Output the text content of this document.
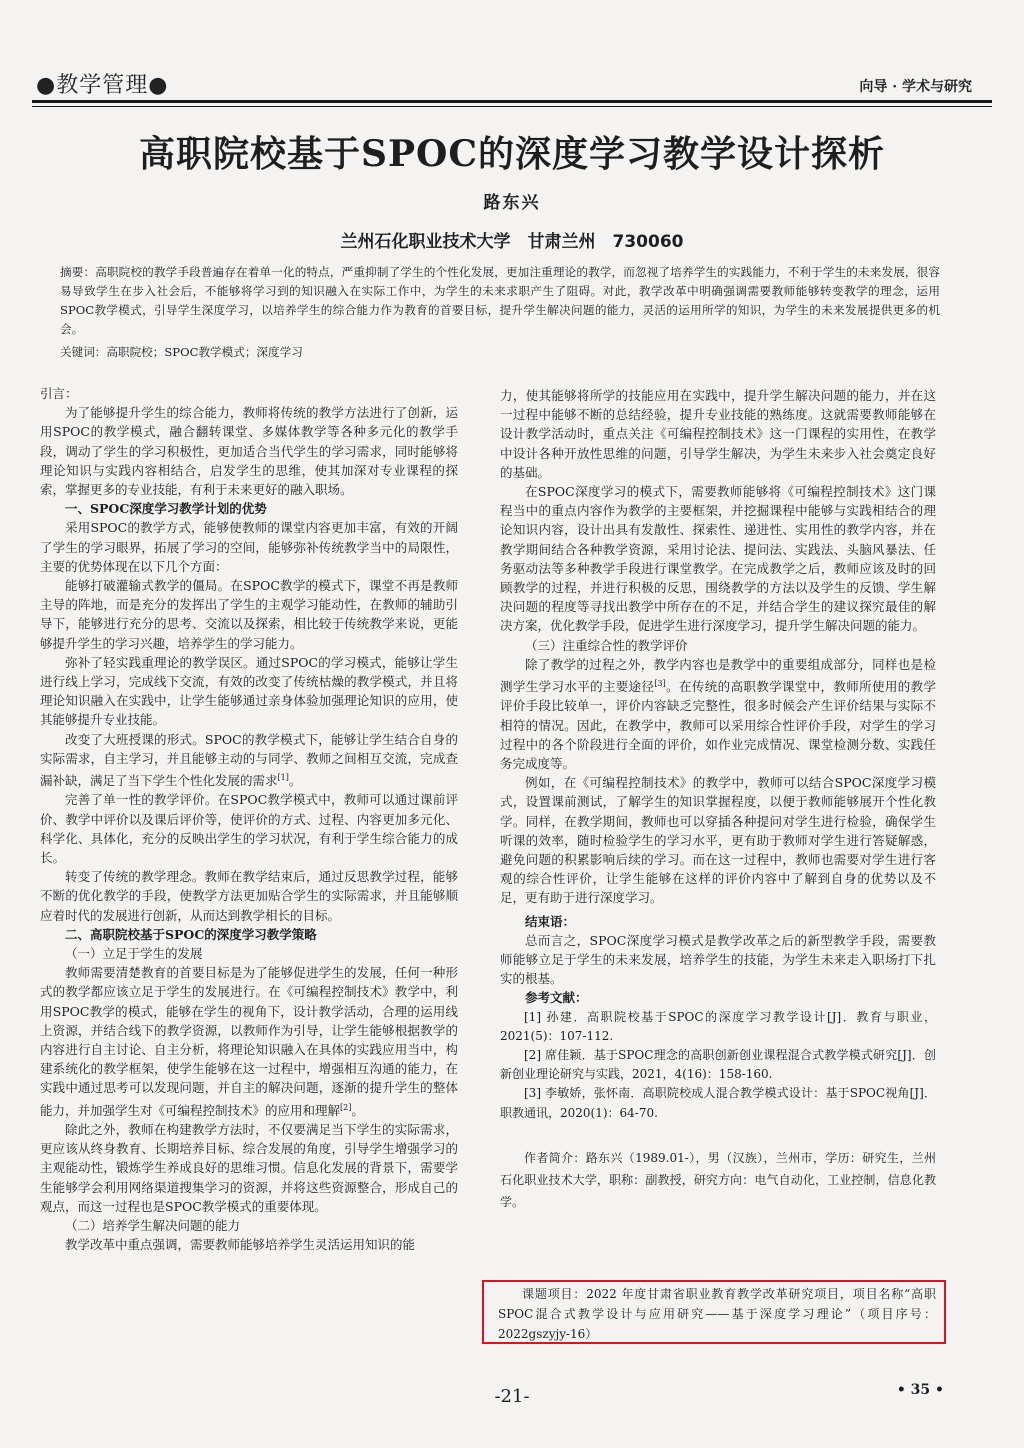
●教学管理●	向导 · 学术与研究
高职院校基于SPOC的深度学习教学设计探析
路东兴
兰州石化职业技术大学　甘肃兰州　730060
摘要：高职院校的教学手段普遍存在着单一化的特点，严重抑制了学生的个性化发展，更加注重理论的教学，而忽视了培养学生的实践能力，不利于学生的未来发展，很容易导致学生在步入社会后，不能够将学习到的知识融入在实际工作中，为学生的未来求职产生了阻碍。对此，教学改革中明确强调需要教师能够转变教学的理念，运用SPOC教学模式，引导学生深度学习，以培养学生的综合能力作为教育的首要目标，提升学生解决问题的能力，灵活的运用所学的知识，为学生的未来发展提供更多的机会。
关键词：高职院校；SPOC教学模式；深度学习

引言：

为了能够提升学生的综合能力，教师将传统的教学方法进行了创新，运用SPOC的教学模式，融合翻转课堂、多媒体教学等各种多元化的教学手段，调动了学生的学习积极性，更加适合当代学生的学习需求，同时能够将理论知识与实践内容相结合，启发学生的思维，使其加深对专业课程的探索，掌握更多的专业技能，有利于未来更好的融入职场。

一、SPOC深度学习教学计划的优势

采用SPOC的教学方式，能够使教师的课堂内容更加丰富，有效的开阔了学生的学习眼界，拓展了学习的空间，能够弥补传统教学当中的局限性，主要的优势体现在以下几个方面：

能够打破灌输式教学的僵局。在SPOC教学的模式下，课堂不再是教师主导的阵地，而是充分的发挥出了学生的主观学习能动性，在教师的辅助引导下，能够进行充分的思考、交流以及探索，相比较于传统教学来说，更能够提升学生的学习兴趣，培养学生的学习能力。

弥补了轻实践重理论的教学误区。通过SPOC的学习模式，能够让学生进行线上学习，完成线下交流，有效的改变了传统枯燥的教学模式，并且将理论知识融入在实践中，让学生能够通过亲身体验加强理论知识的应用，使其能够提升专业技能。

改变了大班授课的形式。SPOC的教学模式下，能够让学生结合自身的实际需求，自主学习，并且能够主动的与同学、教师之间相互交流，完成查漏补缺，满足了当下学生个性化发展的需求[1]。

完善了单一性的教学评价。在SPOC教学模式中，教师可以通过课前评价、教学中评价以及课后评价等，使评价的方式、过程、内容更加多元化、科学化、具体化，充分的反映出学生的学习状况，有利于学生综合能力的成长。

转变了传统的教学理念。教师在教学结束后，通过反思教学过程，能够不断的优化教学的手段，使教学方法更加贴合学生的实际需求，并且能够顺应着时代的发展进行创新，从而达到教学相长的目标。

二、高职院校基于SPOC的深度学习教学策略

（一）立足于学生的发展

教师需要清楚教育的首要目标是为了能够促进学生的发展，任何一种形式的教学都应该立足于学生的发展进行。在《可编程控制技术》教学中，利用SPOC教学的模式，能够在学生的视角下，设计教学活动，合理的运用线上资源，并结合线下的教学资源，以教师作为引导，让学生能够根据教学的内容进行自主讨论、自主分析，将理论知识融入在具体的实践应用当中，构建系统化的教学框架，使学生能够在这一过程中，增强相互沟通的能力，在实践中通过思考可以发现问题，并自主的解决问题，逐渐的提升学生的整体能力，并加强学生对《可编程控制技术》的应用和理解[2]。

除此之外，教师在构建教学方法时，不仅要满足当下学生的实际需求，更应该从终身教育、长期培养目标、综合发展的角度，引导学生增强学习的主观能动性，锻炼学生养成良好的思维习惯。信息化发展的背景下，需要学生能够学会利用网络渠道搜集学习的资源，并将这些资源整合，形成自己的观点，而这一过程也是SPOC教学模式的重要体现。

（二）培养学生解决问题的能力

教学改革中重点强调，需要教师能够培养学生灵活运用知识的能

力，使其能够将所学的技能应用在实践中，提升学生解决问题的能力，并在这一过程中能够不断的总结经验，提升专业技能的熟练度。这就需要教师能够在设计教学活动时，重点关注《可编程控制技术》这一门课程的实用性，在教学中设计各种开放性思维的问题，引导学生解决，为学生未来步入社会奠定良好的基础。

在SPOC深度学习的模式下，需要教师能够将《可编程控制技术》这门课程当中的重点内容作为教学的主要框架，并挖掘课程中能够与实践相结合的理论知识内容，设计出具有发散性、探索性、递进性、实用性的教学内容，并在教学期间结合各种教学资源，采用讨论法、提问法、实践法、头脑风暴法、任务驱动法等多种教学手段进行课堂教学。在完成教学之后，教师应该及时的回顾教学的过程，并进行积极的反思，围绕教学的方法以及学生的反馈、学生解决问题的程度等寻找出教学中所存在的不足，并结合学生的建议探究最佳的解决方案，优化教学手段，促进学生进行深度学习，提升学生解决问题的能力。

（三）注重综合性的教学评价

除了教学的过程之外，教学内容也是教学中的重要组成部分，同样也是检测学生学习水平的主要途径[3]。在传统的高职教学课堂中，教师所使用的教学评价手段比较单一，评价内容缺乏完整性，很多时候会产生评价结果与实际不相符的情况。因此，在教学中，教师可以采用综合性评价手段，对学生的学习过程中的各个阶段进行全面的评价，如作业完成情况、课堂检测分数、实践任务完成度等。

例如，在《可编程控制技术》的教学中，教师可以结合SPOC深度学习模式，设置课前测试，了解学生的知识掌握程度，以便于教师能够展开个性化教学。同样，在教学期间，教师也可以穿插各种提问对学生进行检验，确保学生听课的效率，随时检验学生的学习水平，更有助于教师对学生进行答疑解惑，避免问题的积累影响后续的学习。而在这一过程中，教师也需要对学生进行客观的综合性评价，让学生能够在这样的评价内容中了解到自身的优势以及不足，更有助于进行深度学习。

结束语：

总而言之，SPOC深度学习模式是教学改革之后的新型教学手段，需要教师能够立足于学生的未来发展，培养学生的技能，为学生未来走入职场打下扎实的根基。

参考文献：

[1] 孙建．高职院校基于SPOC的深度学习教学设计[J]．教育与职业，2021(5)：107-112.

[2] 席佳颖．基于SPOC理念的高职创新创业课程混合式教学模式研究[J]．创新创业理论研究与实践，2021，4(16)：158-160.

[3] 李敏娇，张怀南．高职院校成人混合教学模式设计：基于SPOC视角[J]．职教通讯，2020(1)：64-70.

作者简介：路东兴（1989.01-），男（汉族），兰州市，学历：研究生，兰州石化职业技术大学，职称：副教授，研究方向：电气自动化，工业控制，信息化教学。

课题项目：2022 年度甘肃省职业教育教学改革研究项目，项目名称“高职SPOC混合式教学设计与应用研究——基于深度学习理论”（项目序号：2022gszyjy-16）

-21-	• 35 •
